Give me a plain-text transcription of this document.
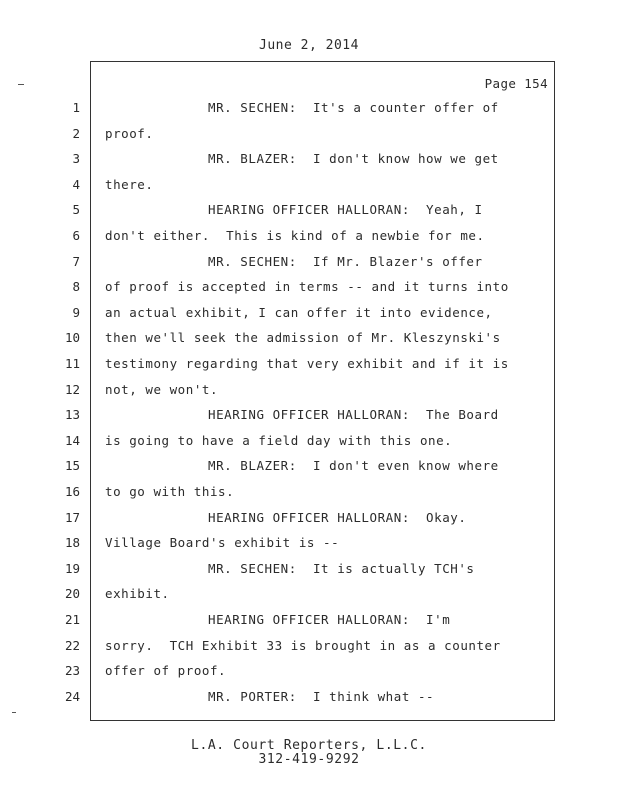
June 2, 2014
Page 154
1	MR. SECHEN:  It's a counter offer of
2 proof.
3	MR. BLAZER:  I don't know how we get
4 there.
5	HEARING OFFICER HALLORAN:  Yeah, I
6 don't either.  This is kind of a newbie for me.
7	MR. SECHEN:  If Mr. Blazer's offer
8 of proof is accepted in terms -- and it turns into
9 an actual exhibit, I can offer it into evidence,
10 then we'll seek the admission of Mr. Kleszynski's
11 testimony regarding that very exhibit and if it is
12 not, we won't.
13	HEARING OFFICER HALLORAN:  The Board
14 is going to have a field day with this one.
15	MR. BLAZER:  I don't even know where
16 to go with this.
17	HEARING OFFICER HALLORAN:  Okay.
18 Village Board's exhibit is --
19	MR. SECHEN:  It is actually TCH's
20 exhibit.
21	HEARING OFFICER HALLORAN:  I'm
22 sorry.  TCH Exhibit 33 is brought in as a counter
23 offer of proof.
24	MR. PORTER:  I think what --
L.A. Court Reporters, L.L.C.
312-419-9292
